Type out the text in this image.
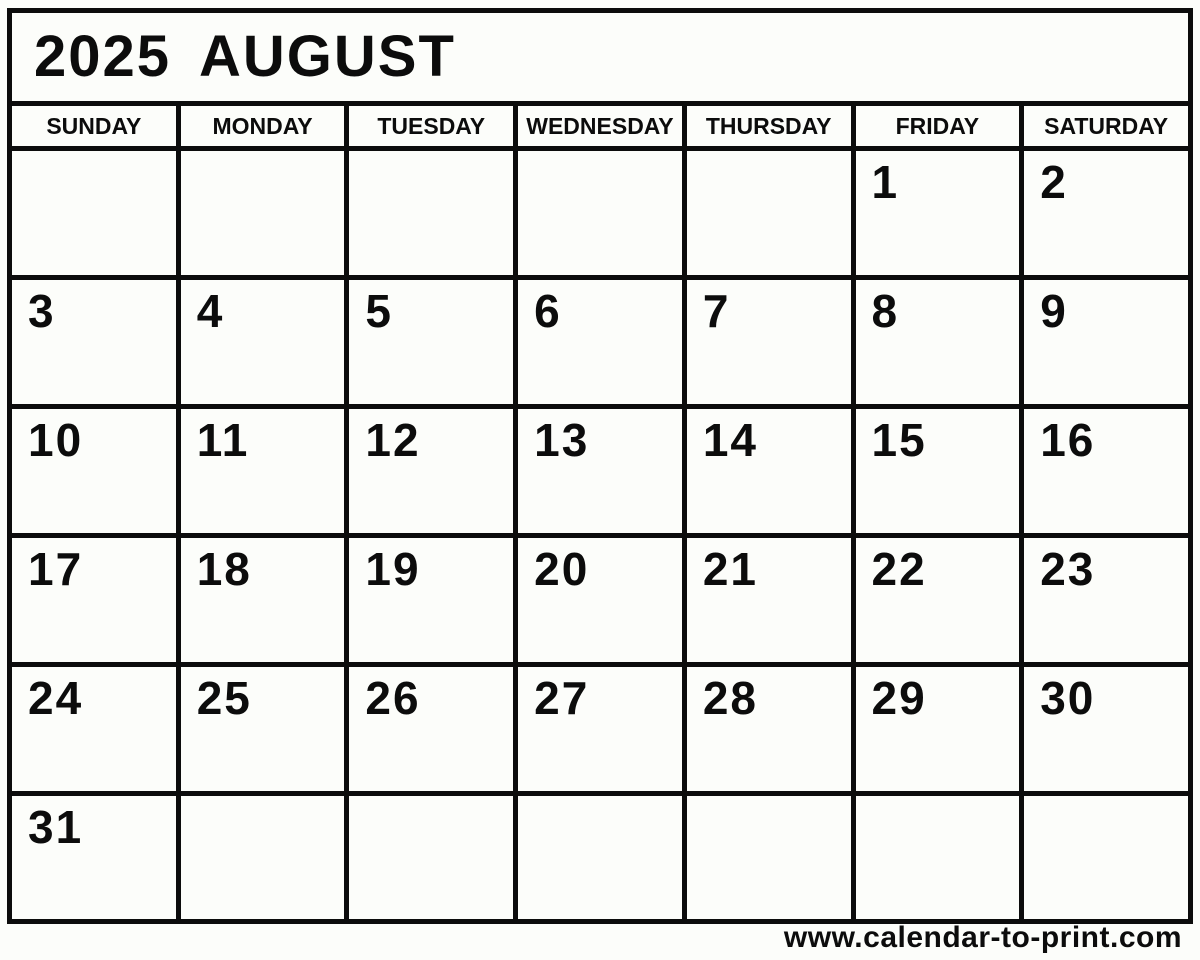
2025 AUGUST
SUNDAY	MONDAY	TUESDAY	WEDNESDAY	THURSDAY	FRIDAY	SATURDAY
					1	2
3	4	5	6	7	8	9
10	11	12	13	14	15	16
17	18	19	20	21	22	23
24	25	26	27	28	29	30
31						
www.calendar-to-print.com
